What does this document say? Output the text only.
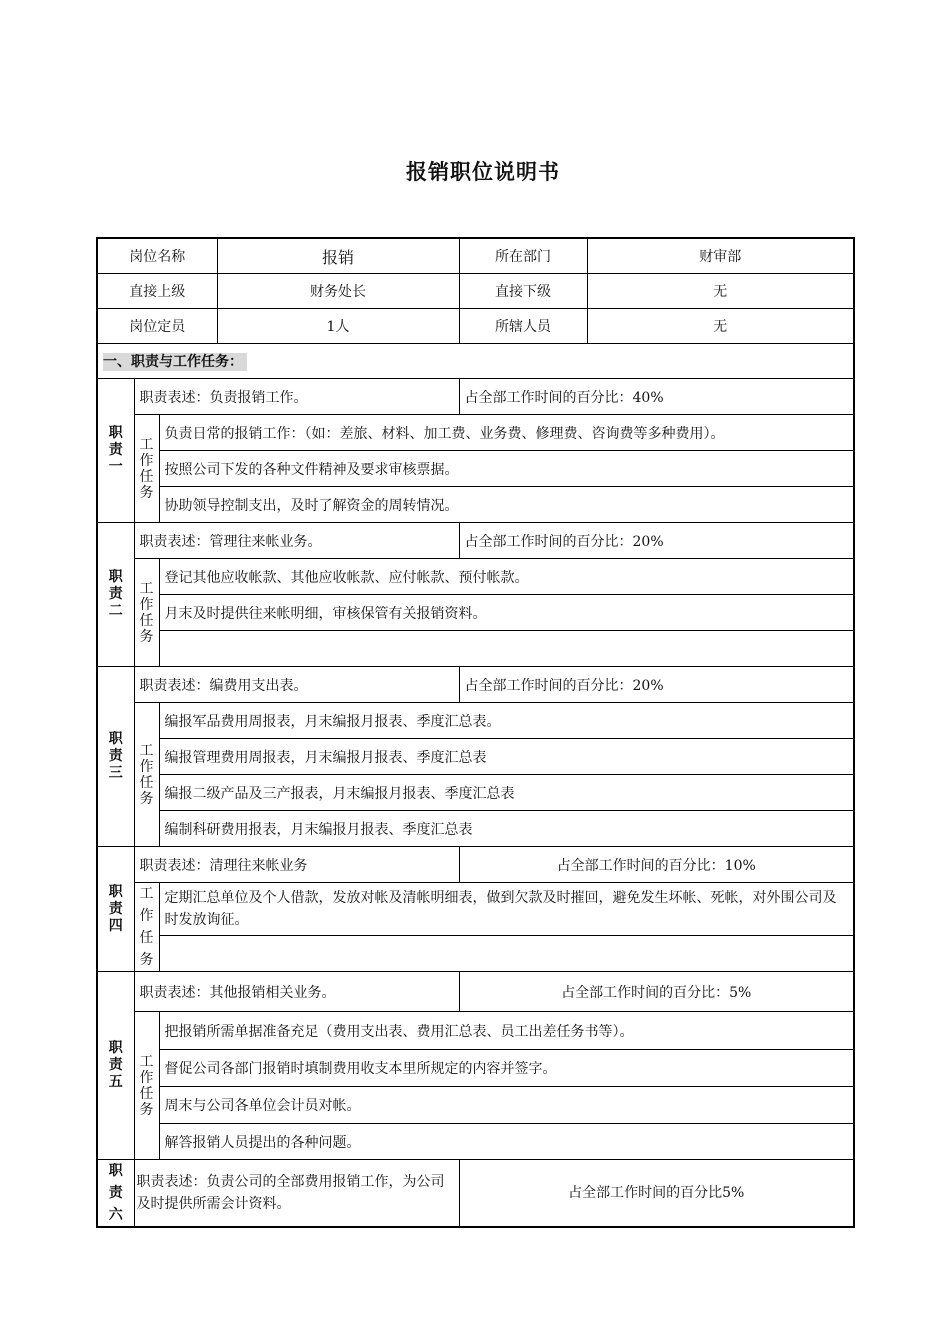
报销职位说明书
岗位名称			报销	所在部门	财审部
直接上级			财务处长	直接下级	无
岗位定员			1人	所辖人员	无
一、职责与工作任务：					

职
责
一	职责表述：负责报销工作。			占全部工作时间的百分比：40%	

	工
作
任
务	负责日常的报销工作：（如：差旅、材料、加工费、业务费、修理费、咨询费等多种费用）。			
		按照公司下发的各种文件精神及要求审核票据。			
		协助领导控制支出，及时了解资金的周转情况。			

职
责
二	职责表述：管理往来帐业务。			占全部工作时间的百分比：20%	

	工
作
任
务	登记其他应收帐款、其他应收帐款、应付帐款、预付帐款。			
		月末及时提供往来帐明细，审核保管有关报销资料。			

职
责
三	职责表述：编费用支出表。			占全部工作时间的百分比：20%	

	工
作
任
务	编报军品费用周报表，月末编报月报表、季度汇总表。			
		编报管理费用周报表，月末编报月报表、季度汇总表			
		编报二级产品及三产报表，月末编报月报表、季度汇总表			
		编制科研费用报表，月末编报月报表、季度汇总表			

职
责
四	职责表述：清理往来帐业务			占全部工作时间的百分比：10%	

	工
作
任
务	定期汇总单位及个人借款，发放对帐及清帐明细表，做到欠款及时摧回，避免发生坏帐、死帐，对外围公司及时发放询征。			

职
责
五	职责表述：其他报销相关业务。			占全部工作时间的百分比：5%	

	工
作
任
务	把报销所需单据准备充足（费用支出表、费用汇总表、员工出差任务书等）。			
		督促公司各部门报销时填制费用收支本里所规定的内容并签字。			
		周末与公司各单位会计员对帐。			
		解答报销人员提出的各种问题。			

职
责
六	职责表述：负责公司的全部费用报销工作，为公司及时提供所需会计资料。			占全部工作时间的百分比5%	
